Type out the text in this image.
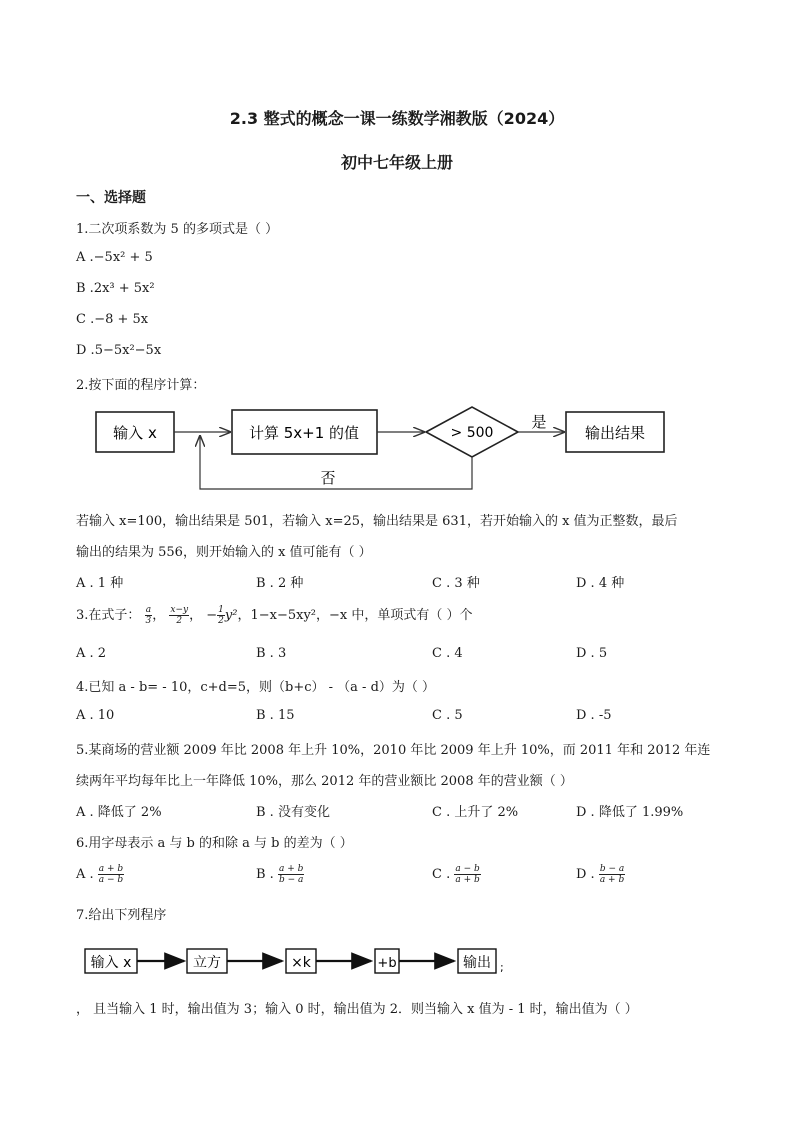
2.3 整式的概念一课一练数学湘教版（2024）
初中七年级上册
一、选择题
1.二次项系数为 5 的多项式是（ ）
A .−5x² + 5
B .2x³ + 5x²
C .−8 + 5x
D .5−5x²−5x
2.按下面的程序计算：
输入 x	计算 5x+1 的值	> 500
是
输出结果
否
若输入 x=100，输出结果是 501，若输入 x=25，输出结果是 631，若开始输入的 x 值为正整数，最后
输出的结果为 556，则开始输入的 x 值可能有（ ）
A . 1 种	B . 2 种	C . 3 种	D . 4 种
3.在式子： $\frac{a}{3}$ ， $\frac{x-y}{2}$ ， − $\frac{1}{2} y^2$，1−x−5xy²，−x 中，单项式有（ ）个
A . 2	B . 3	C . 4	D . 5
4.已知 a - b= - 10，c+d=5，则（b+c） - （a - d）为（ ）
A . 10	B . 15	C . 5	D . -5
5.某商场的营业额 2009 年比 2008 年上升 10%，2010 年比 2009 年上升 10%，而 2011 年和 2012 年连
续两年平均每年比上一年降低 10%，那么 2012 年的营业额比 2008 年的营业额（ ）
A . 降低了 2%	B . 没有变化	C . 上升了 2%	D . 降低了 1.99%
6.用字母表示 a 与 b 的和除 a 与 b 的差为（ ）
A . $\frac{a + b}{a - b}$	B . $\frac{a + b}{b - a}$	C . $\frac{a - b}{a + b}$	D . $\frac{b - a}{a + b}$
7.给出下列程序
输入 x	立方	×k	+b	输出 ;
， 且当输入 1 时，输出值为 3；输入 0 时，输出值为 2．则当输入 x 值为 - 1 时，输出值为（ ）
